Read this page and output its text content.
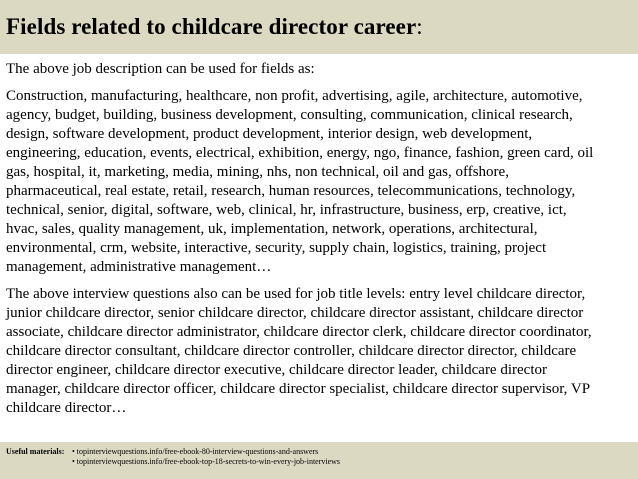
Fields related to childcare director career:

The above job description can be used for fields as:

Construction, manufacturing, healthcare, non profit, advertising, agile, architecture, automotive,
agency, budget, building, business development, consulting, communication, clinical research,
design, software development, product development, interior design, web development,
engineering, education, events, electrical, exhibition, energy, ngo, finance, fashion, green card, oil
gas, hospital, it, marketing, media, mining, nhs, non technical, oil and gas, offshore,
pharmaceutical, real estate, retail, research, human resources, telecommunications, technology,
technical, senior, digital, software, web, clinical, hr, infrastructure, business, erp, creative, ict,
hvac, sales, quality management, uk, implementation, network, operations, architectural,
environmental, crm, website, interactive, security, supply chain, logistics, training, project
management, administrative management…

The above interview questions also can be used for job title levels: entry level childcare director,
junior childcare director, senior childcare director, childcare director assistant, childcare director
associate, childcare director administrator, childcare director clerk, childcare director coordinator,
childcare director consultant, childcare director controller, childcare director director, childcare
director engineer, childcare director executive, childcare director leader, childcare director
manager, childcare director officer, childcare director specialist, childcare director supervisor, VP
childcare director…

Useful materials: • topinterviewquestions.info/free-ebook-80-interview-questions-and-answers
• topinterviewquestions.info/free-ebook-top-18-secrets-to-win-every-job-interviews
